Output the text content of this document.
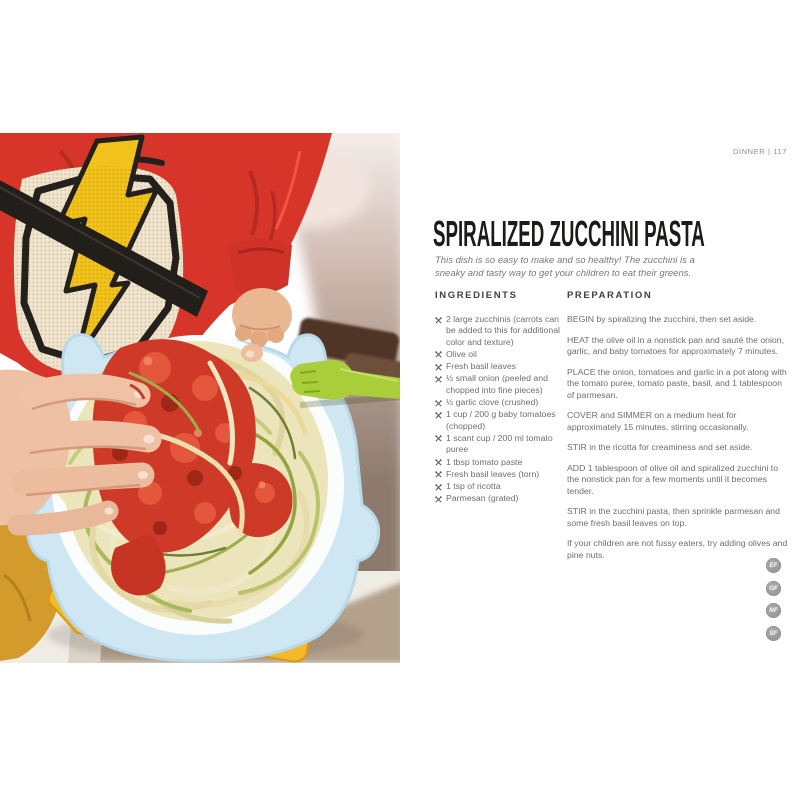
DINNER | 117
SPIRALIZED ZUCCHINI PASTA

This dish is so easy to make and so healthy! The zucchini is a sneaky and tasty way to get your children to eat their greens.

INGREDIENTS
2 large zucchinis (carrots can be added to this for additional color and texture)
Olive oil
Fresh basil leaves
½ small onion (peeled and chopped into fine pieces)
½ garlic clove (crushed)
1 cup / 200 g baby tomatoes (chopped)
1 scant cup / 200 ml tomato puree
1 tbsp tomato paste
Fresh basil leaves (torn)
1 tsp of ricotta
Parmesan (grated)
PREPARATION

BEGIN by spiralizing the zucchini, then set aside.

HEAT the olive oil in a nonstick pan and sauté the onion, garlic, and baby tomatoes for approximately 7 minutes.

PLACE the onion, tomatoes and garlic in a pot along with the tomato puree, tomato paste, basil, and 1 tablespoon of parmesan.

COVER and SIMMER on a medium heat for approximately 15 minutes, stirring occasionally.

STIR in the ricotta for creaminess and set aside.

ADD 1 tablespoon of olive oil and spiralized zucchini to the nonstick pan for a few moments until it becomes tender.

STIR in the zucchini pasta, then sprinkle parmesan and some fresh basil leaves on top.

If your children are not fussy eaters, try adding olives and pine nuts.

EF
GF
NF
SF
